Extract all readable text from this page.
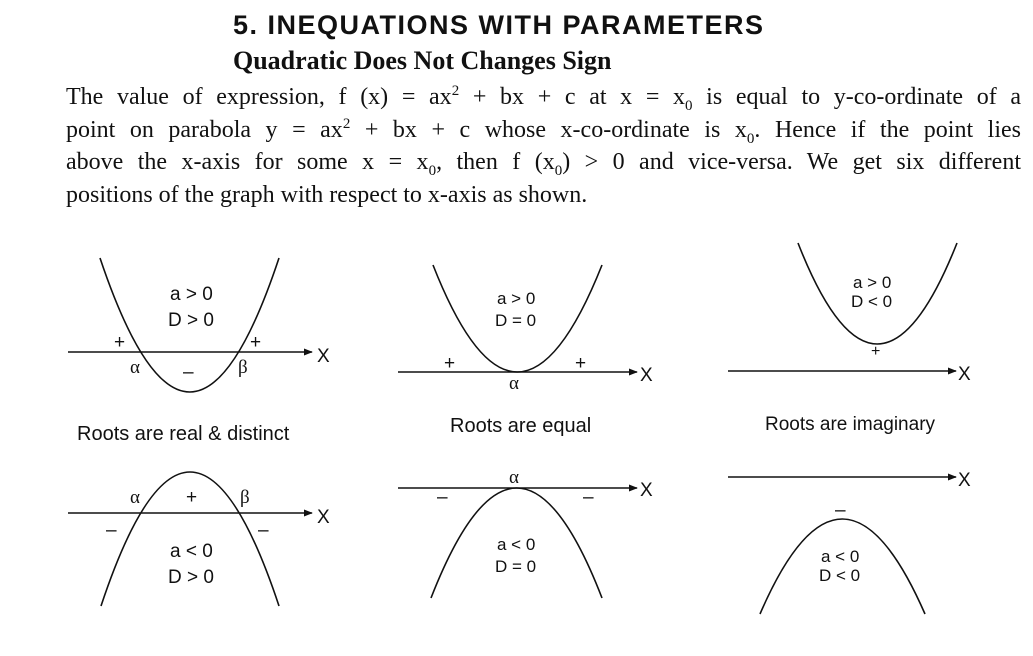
5. INEQUATIONS WITH PARAMETERS
Quadratic Does Not Changes Sign
The value of expression, f $(x) = ax^2$ + bx + c at $x = x_0$ is equal to y-co-ordinate of a
point on parabola $y = ax^2$ + bx + c whose x-co-ordinate is $x_0$. Hence if the point lies
above the x-axis for some $x = x_0$, then f $(x_0) > 0$ and vice-versa. We get six different
positions of the graph with respect to x-axis as shown.
X
a > 0
D > 0
+
–
+
α	β
Roots are real & distinct
X
a > 0
D = 0
+	+
α
Roots are equal
X
a > 0
D < 0
+
Roots are imaginary
X
a < 0
D > 0
–
+
–
α	β	X
a < 0
D = 0
–	–
α	X
a < 0
D < 0
–
